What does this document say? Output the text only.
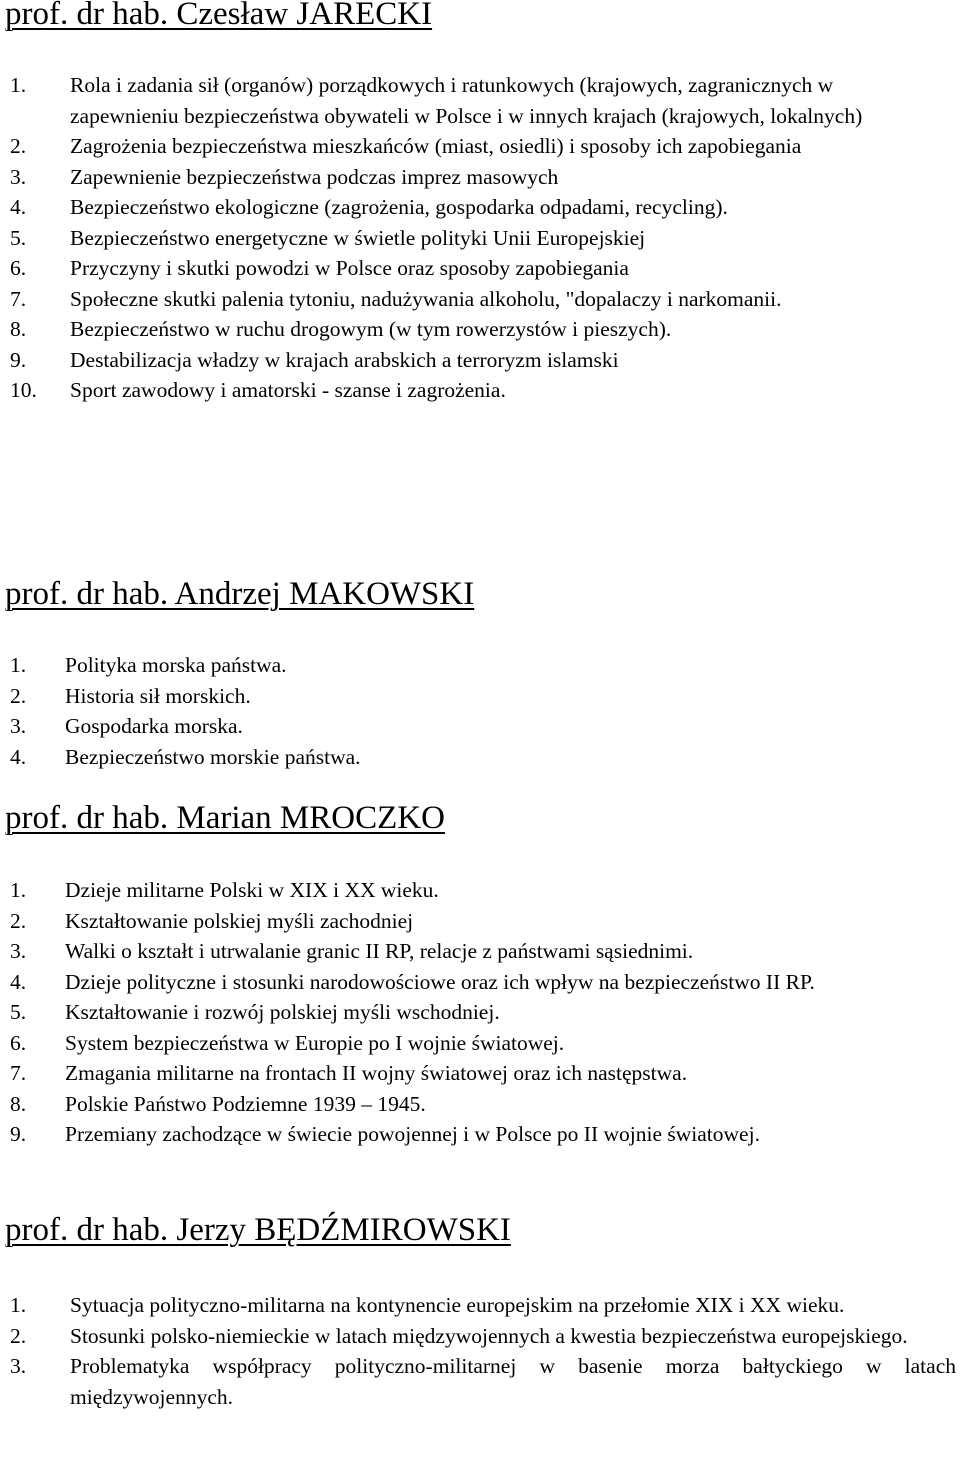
prof. dr hab. Czesław JARECKI
1. Rola i zadania sił (organów) porządkowych i ratunkowych (krajowych, zagranicznych w zapewnieniu bezpieczeństwa obywateli w Polsce i w innych krajach (krajowych, lokalnych)
2. Zagrożenia bezpieczeństwa mieszkańców (miast, osiedli) i sposoby ich zapobiegania
3. Zapewnienie bezpieczeństwa podczas imprez masowych
4. Bezpieczeństwo ekologiczne (zagrożenia, gospodarka odpadami, recycling).
5. Bezpieczeństwo energetyczne w świetle polityki Unii Europejskiej
6. Przyczyny i skutki powodzi w Polsce oraz sposoby zapobiegania
7. Społeczne skutki palenia tytoniu, nadużywania alkoholu, "dopalaczy i narkomanii.
8. Bezpieczeństwo w ruchu drogowym (w tym rowerzystów i pieszych).
9. Destabilizacja władzy w krajach arabskich a terroryzm islamski
10. Sport zawodowy i amatorski - szanse i zagrożenia.
prof. dr hab. Andrzej MAKOWSKI
1. Polityka morska państwa.
2. Historia sił morskich.
3. Gospodarka morska.
4. Bezpieczeństwo morskie państwa.
prof. dr hab. Marian MROCZKO
1. Dzieje militarne Polski w XIX i XX wieku.
2. Kształtowanie polskiej myśli zachodniej
3. Walki o kształt i utrwalanie granic II RP, relacje z państwami sąsiednimi.
4. Dzieje polityczne i stosunki narodowościowe oraz ich wpływ na bezpieczeństwo II RP.
5. Kształtowanie i rozwój polskiej myśli wschodniej.
6. System bezpieczeństwa w Europie po I wojnie światowej.
7. Zmagania militarne na frontach II wojny światowej oraz ich następstwa.
8. Polskie Państwo Podziemne 1939 – 1945.
9. Przemiany zachodzące w świecie powojennej i w Polsce po II wojnie światowej.
prof. dr hab. Jerzy BĘDŹMIROWSKI
1. Sytuacja polityczno-militarna na kontynencie europejskim na przełomie XIX i XX wieku.
2. Stosunki polsko-niemieckie w latach międzywojennych a kwestia bezpieczeństwa europejskiego.
3. Problematyka współpracy polityczno-militarnej w basenie morza bałtyckiego w latach międzywojennych.
